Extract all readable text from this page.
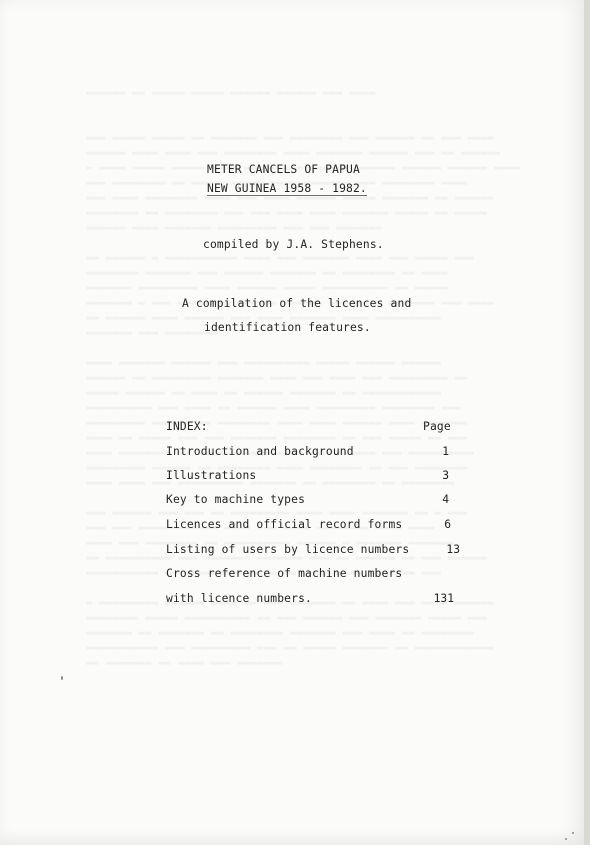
METER CANCELS OF PAPUA
NEW GUINEA 1958 - 1982.
compiled by J.A. Stephens.
A compilation of the licences and
identification features.
INDEX:	Page
Introduction and background	1
Illustrations	3
Key to machine types	4
Licences and official record forms	6
Listing of users by licence numbers	13
Cross reference of machine numbers
with licence numbers.	131
